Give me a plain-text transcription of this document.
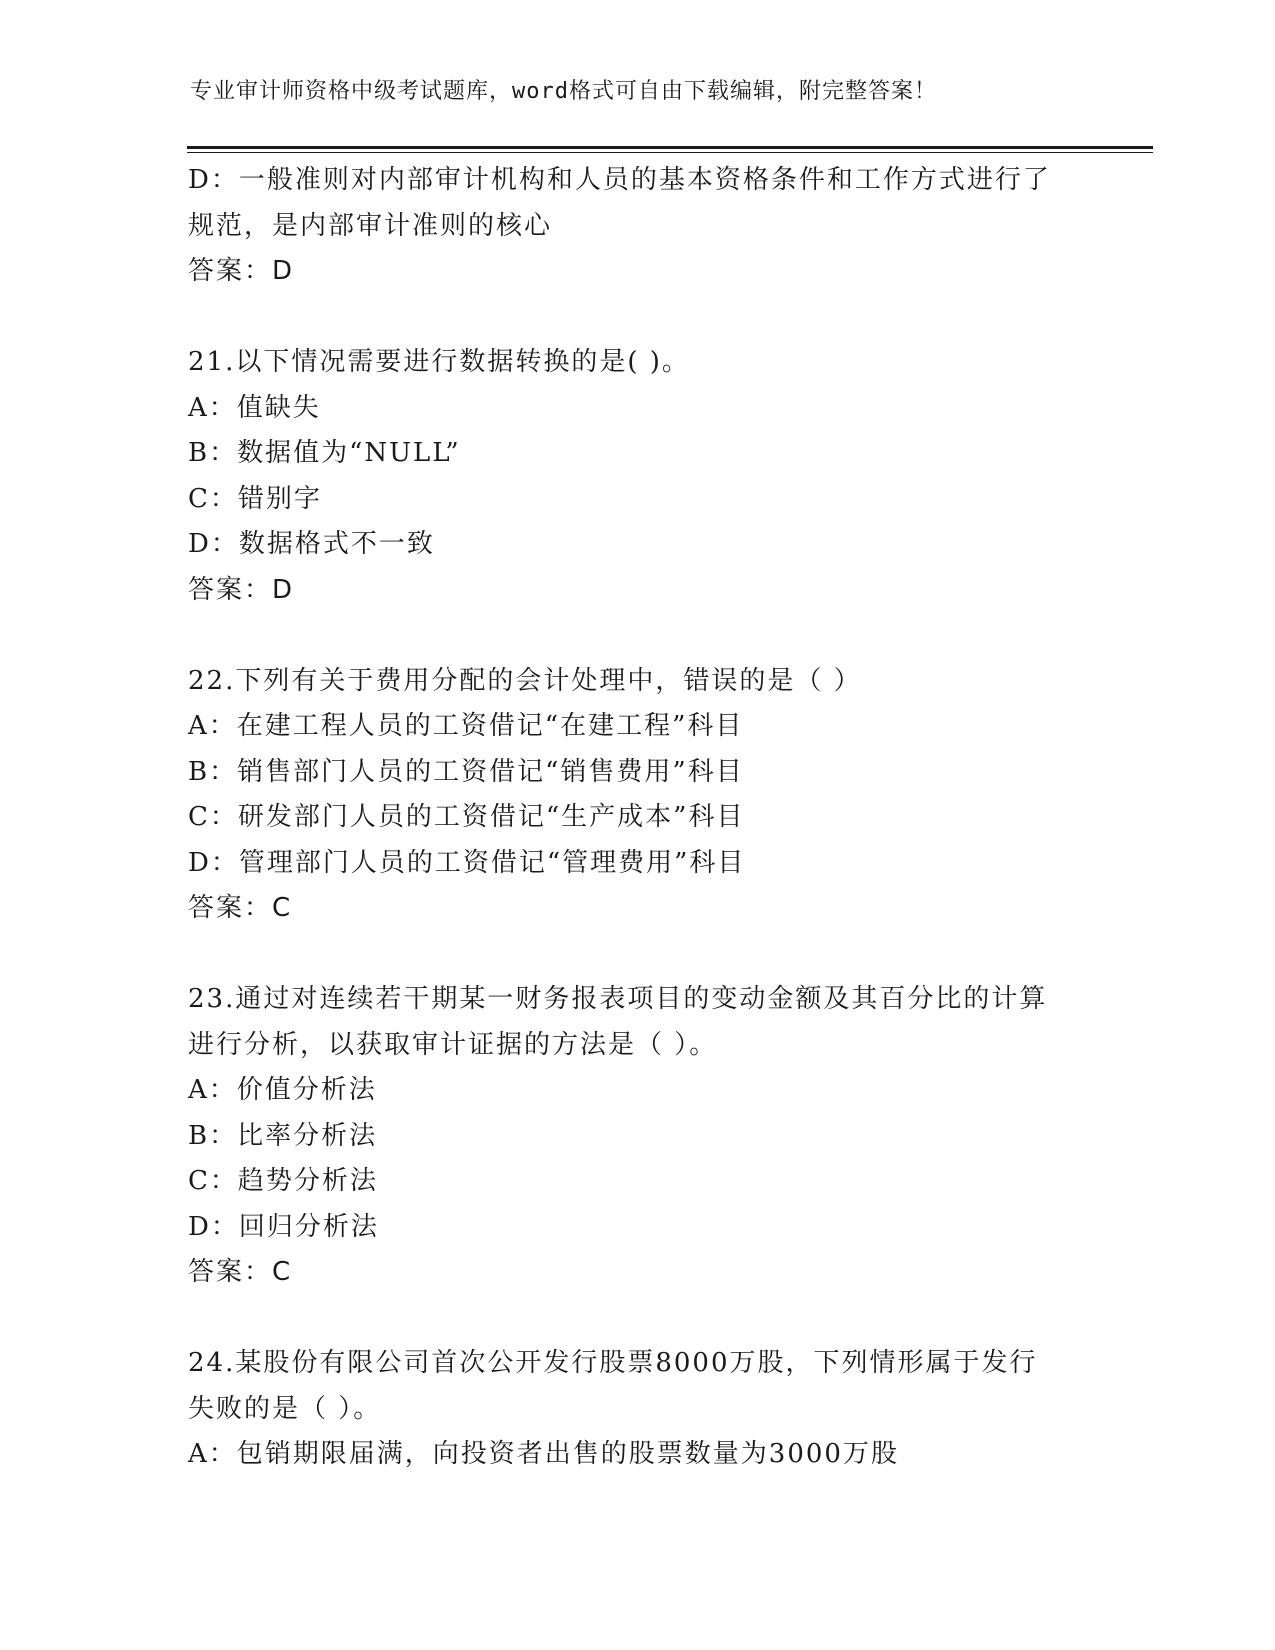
专业审计师资格中级考试题库，word格式可自由下载编辑，附完整答案！
D：一般准则对内部审计机构和人员的基本资格条件和工作方式进行了
规范，是内部审计准则的核心
答案：D
21.以下情况需要进行数据转换的是( )。
A：值缺失
B：数据值为“NULL”
C：错别字
D：数据格式不一致
答案：D
22.下列有关于费用分配的会计处理中，错误的是（ ）
A：在建工程人员的工资借记“在建工程”科目
B：销售部门人员的工资借记“销售费用”科目
C：研发部门人员的工资借记“生产成本”科目
D：管理部门人员的工资借记“管理费用”科目
答案：C
23.通过对连续若干期某一财务报表项目的变动金额及其百分比的计算
进行分析，以获取审计证据的方法是（ ）。
A：价值分析法
B：比率分析法
C：趋势分析法
D：回归分析法
答案：C
24.某股份有限公司首次公开发行股票8000万股，下列情形属于发行
失败的是（ ）。
A：包销期限届满，向投资者出售的股票数量为3000万股
